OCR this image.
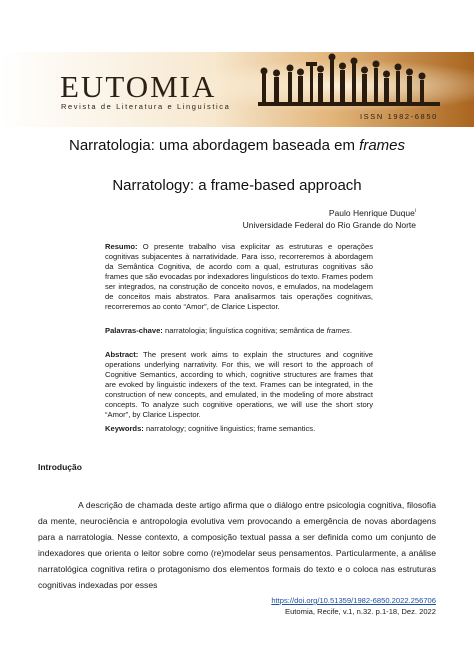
EUTOMIA
Revista de Literatura e Linguística
ISSN 1982-6850
Narratologia: uma abordagem baseada em frames
Narratology: a frame-based approach
Paulo Henrique Duque$^i$
Universidade Federal do Rio Grande do Norte
Resumo: O presente trabalho visa explicitar as estruturas e operações cognitivas subjacentes à narratividade. Para isso, recorreremos à abordagem da Semântica Cognitiva, de acordo com a qual, estruturas cognitivas são frames que são evocadas por indexadores linguísticos do texto. Frames podem ser integrados, na construção de conceito novos, e emulados, na modelagem de conceitos mais abstratos. Para analisarmos tais operações cognitivas, recorreremos ao conto “Amor”, de Clarice Lispector.
Palavras-chave: narratologia; linguística cognitiva; semântica de frames.
Abstract: The present work aims to explain the structures and cognitive operations underlying narrativity. For this, we will resort to the approach of Cognitive Semantics, according to which, cognitive structures are frames that are evoked by linguistic indexers of the text. Frames can be integrated, in the construction of new concepts, and emulated, in the modeling of more abstract concepts. To analyze such cognitive operations, we will use the short story “Amor”, by Clarice Lispector.
Keywords: narratology; cognitive linguistics; frame semantics.
Introdução
A descrição de chamada deste artigo afirma que o diálogo entre psicologia cognitiva, filosofia da mente, neurociência e antropologia evolutiva vem provocando a emergência de novas abordagens para a narratologia. Nesse contexto, a composição textual passa a ser definida como um conjunto de indexadores que orienta o leitor sobre como (re)modelar seus pensamentos. Particularmente, a análise narratológica cognitiva retira o protagonismo dos elementos formais do texto e o coloca nas estruturas cognitivas indexadas por esses
https://doi.org/10.51359/1982-6850.2022.256706
Eutomia, Recife, v.1, n.32. p.1-18, Dez. 2022
